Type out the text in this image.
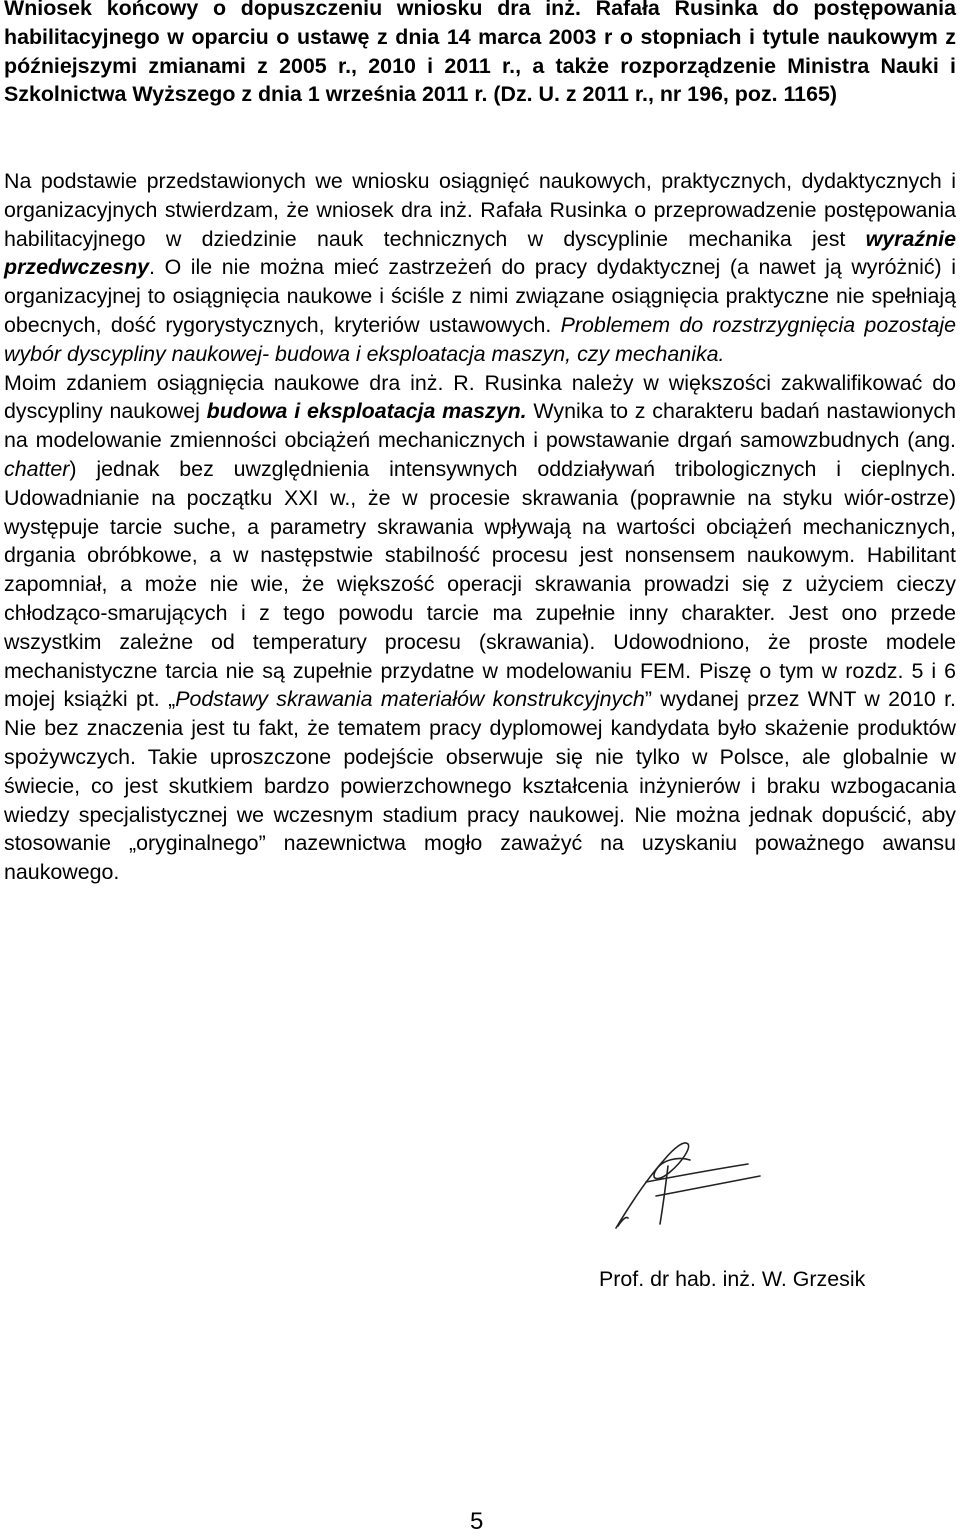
Wniosek końcowy o dopuszczeniu wniosku dra inż. Rafała Rusinka do postępowania habilitacyjnego w oparciu o ustawę z dnia 14 marca 2003 r o stopniach i tytule naukowym z późniejszymi zmianami z 2005 r., 2010 i 2011 r., a także rozporządzenie Ministra Nauki i Szkolnictwa Wyższego z dnia 1 września 2011 r. (Dz. U. z 2011 r., nr 196, poz. 1165)

Na podstawie przedstawionych we wniosku osiągnięć naukowych, praktycznych, dydaktycznych i organizacyjnych stwierdzam, że wniosek dra inż. Rafała Rusinka o przeprowadzenie postępowania habilitacyjnego w dziedzinie nauk technicznych w dyscyplinie mechanika jest wyraźnie przedwczesny. O ile nie można mieć zastrzeżeń do pracy dydaktycznej (a nawet ją wyróżnić) i organizacyjnej to osiągnięcia naukowe i ściśle z nimi związane osiągnięcia praktyczne nie spełniają obecnych, dość rygorystycznych, kryteriów ustawowych. Problemem do rozstrzygnięcia pozostaje wybór dyscypliny naukowej- budowa i eksploatacja maszyn, czy mechanika.

Moim zdaniem osiągnięcia naukowe dra inż. R. Rusinka należy w większości zakwalifikować do dyscypliny naukowej budowa i eksploatacja maszyn. Wynika to z charakteru badań nastawionych na modelowanie zmienności obciążeń mechanicznych i powstawanie drgań samowzbudnych (ang. chatter) jednak bez uwzględnienia intensywnych oddziaływań tribologicznych i cieplnych. Udowadnianie na początku XXI w., że w procesie skrawania (poprawnie na styku wiór-ostrze) występuje tarcie suche, a parametry skrawania wpływają na wartości obciążeń mechanicznych, drgania obróbkowe, a w następstwie stabilność procesu jest nonsensem naukowym. Habilitant zapomniał, a może nie wie, że większość operacji skrawania prowadzi się z użyciem cieczy chłodząco-smarujących i z tego powodu tarcie ma zupełnie inny charakter. Jest ono przede wszystkim zależne od temperatury procesu (skrawania). Udowodniono, że proste modele mechanistyczne tarcia nie są zupełnie przydatne w modelowaniu FEM. Piszę o tym w rozdz. 5 i 6 mojej książki pt. „Podstawy skrawania materiałów konstrukcyjnych” wydanej przez WNT w 2010 r. Nie bez znaczenia jest tu fakt, że tematem pracy dyplomowej kandydata było skażenie produktów spożywczych. Takie uproszczone podejście obserwuje się nie tylko w Polsce, ale globalnie w świecie, co jest skutkiem bardzo powierzchownego kształcenia inżynierów i braku wzbogacania wiedzy specjalistycznej we wczesnym stadium pracy naukowej. Nie można jednak dopuścić, aby stosowanie „oryginalnego” nazewnictwa mogło zaważyć na uzyskaniu poważnego awansu naukowego.

Prof. dr hab. inż. W. Grzesik
5
